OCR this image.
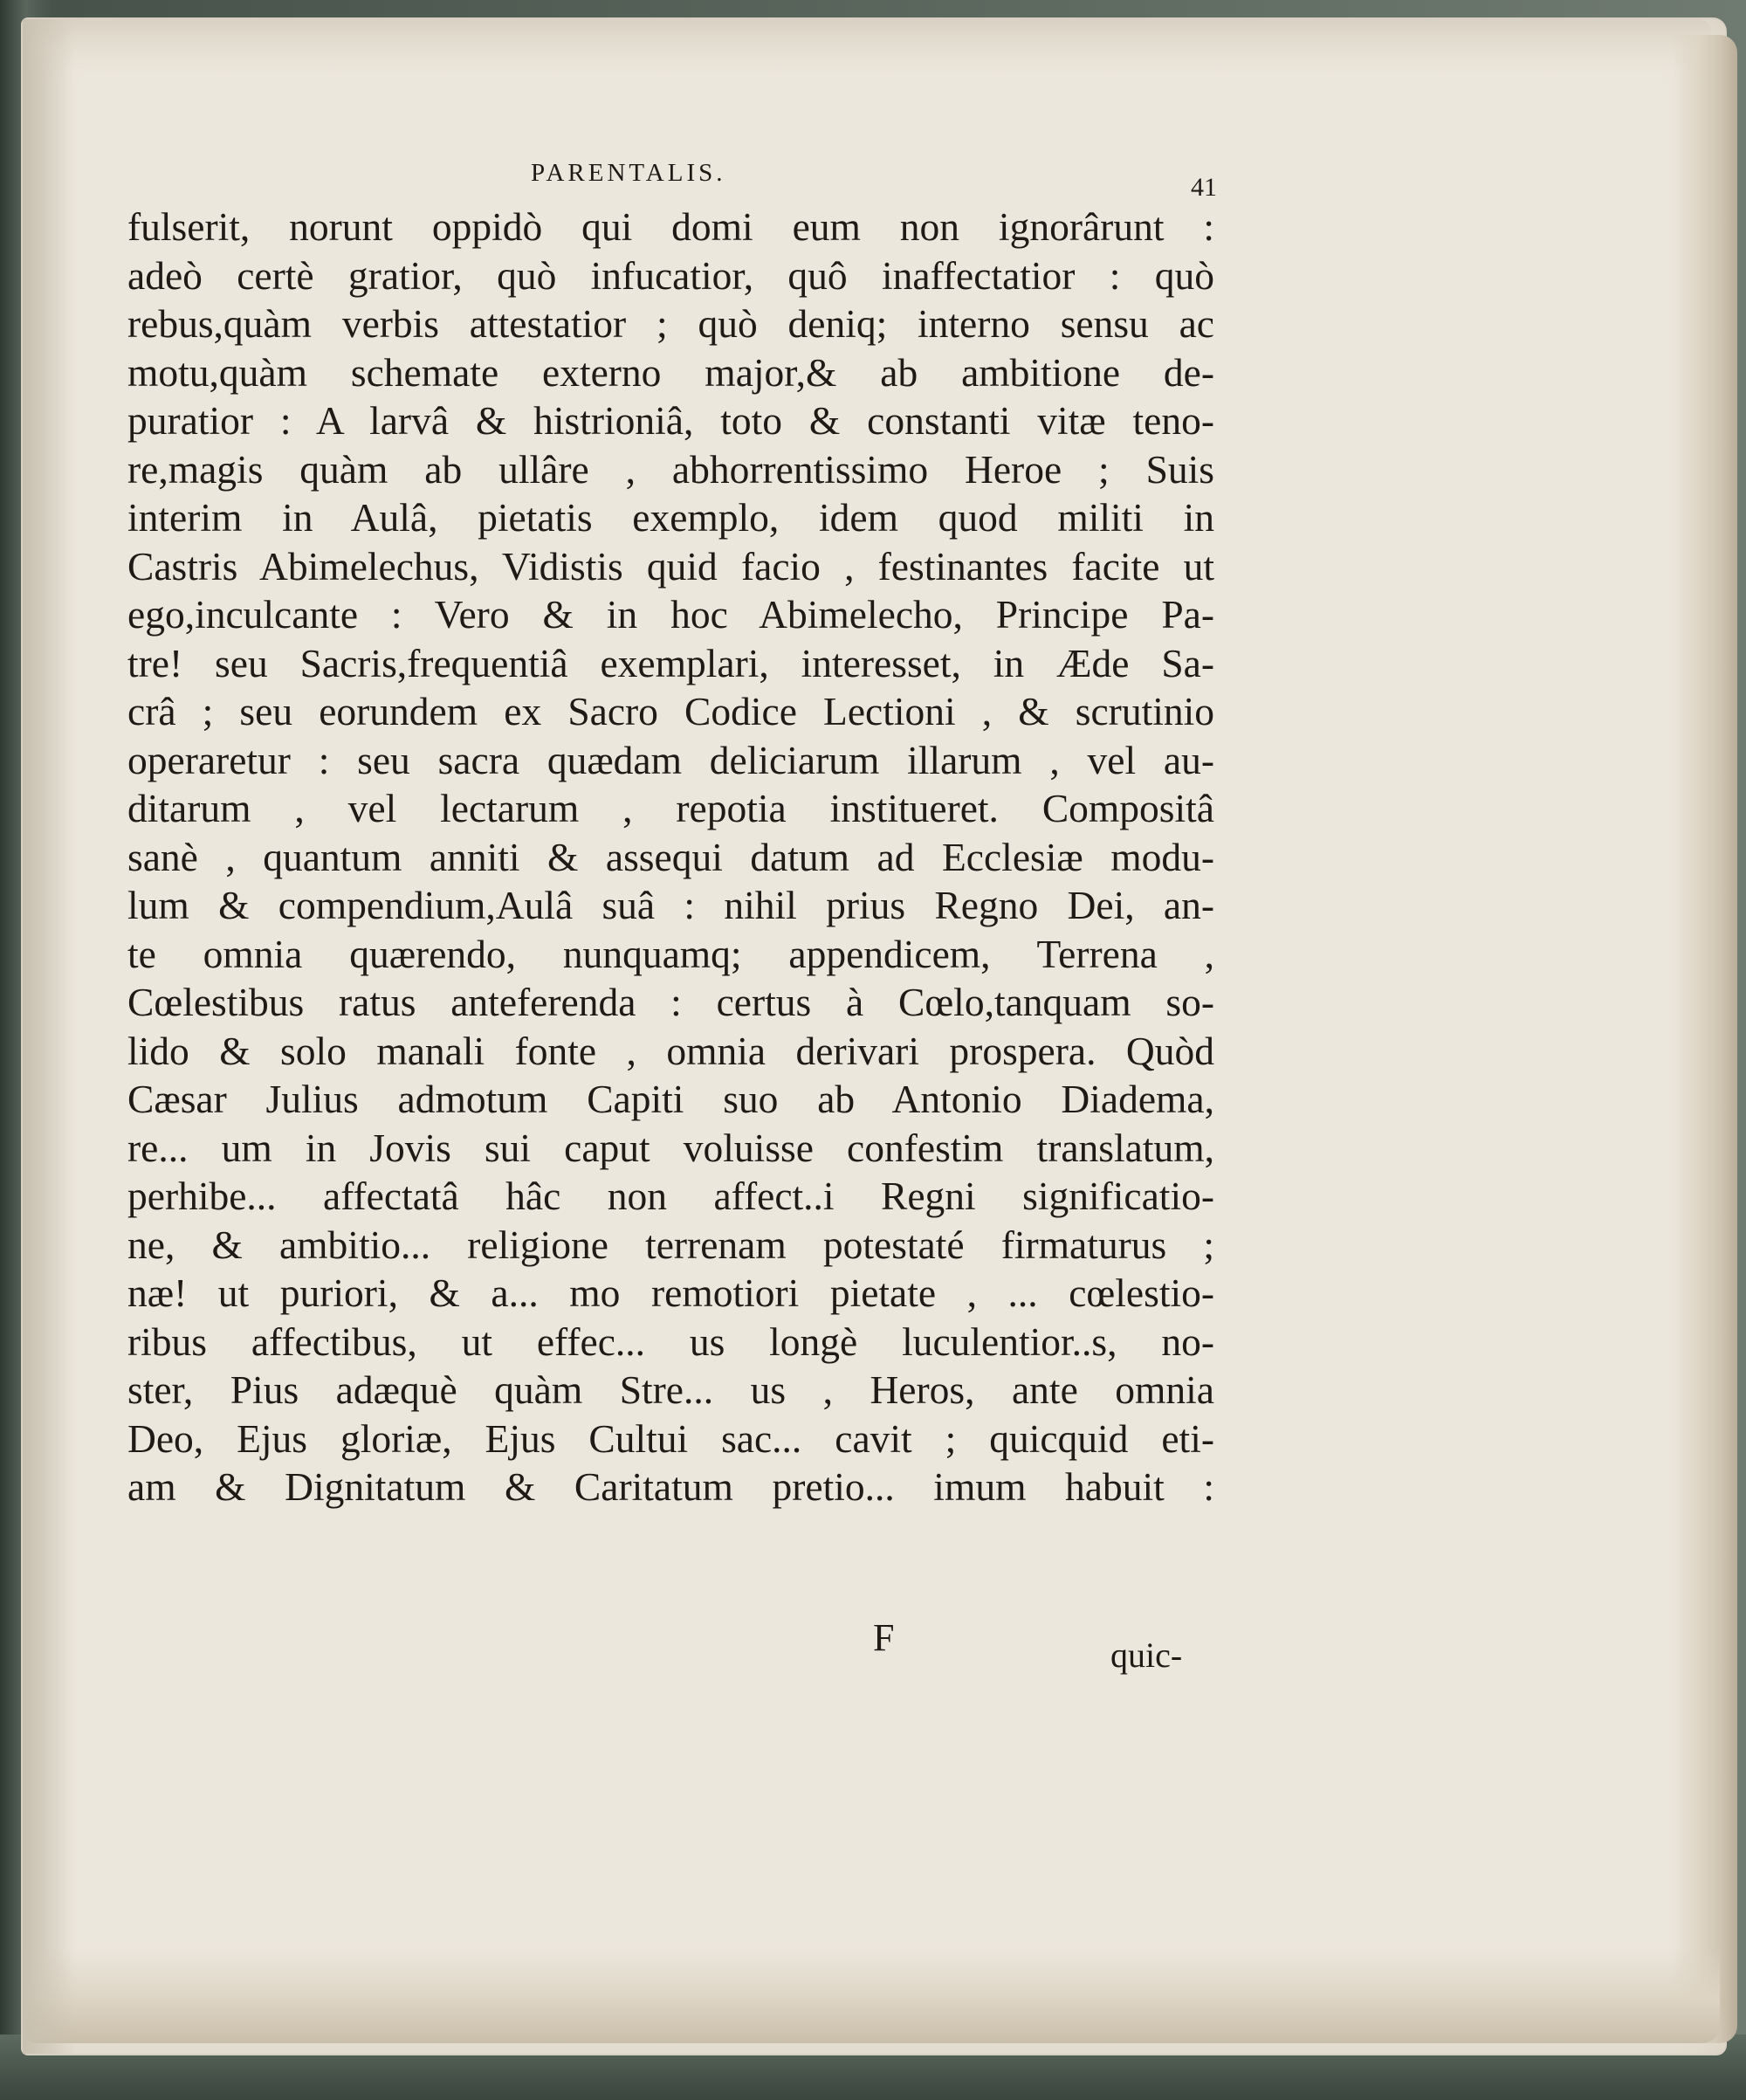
PARENTALIS.	41
fulserit, norunt oppidò qui domi eum non ignorârunt :
adeò certè gratior, quò infucatior, quô inaffectatior : quò
rebus,quàm verbis attestatior ; quò deniq; interno sensu ac
motu,quàm schemate externo major,& ab ambitione de-
puratior : A larvâ & histrioniâ, toto & constanti vitæ teno-
re,magis quàm ab ullâre , abhorrentissimo Heroe ; Suis
interim in Aulâ, pietatis exemplo, idem quod militi in
Castris Abimelechus, Vidistis quid facio , festinantes facite ut
ego,inculcante : Vero & in hoc Abimelecho, Principe Pa-
tre! seu Sacris,frequentiâ exemplari, interesset, in Æde Sa-
crâ ; seu eorundem ex Sacro Codice Lectioni , & scrutinio
operaretur : seu sacra quædam deliciarum illarum , vel au-
ditarum , vel lectarum , repotia institueret. Compositâ
sanè , quantum anniti & assequi datum ad Ecclesiæ modu-
lum & compendium,Aulâ suâ : nihil prius Regno Dei, an-
te omnia quærendo, nunquamq; appendicem, Terrena ,
Cœlestibus ratus anteferenda : certus à Cœlo,tanquam so-
lido & solo manali fonte , omnia derivari prospera. Quòd
Cæsar Julius admotum Capiti suo ab Antonio Diadema,
re... um in Jovis sui caput voluisse confestim translatum,
perhibe... affectatâ hâc non affect..i Regni significatio-
ne, & ambitio... religione terrenam potestaté firmaturus ;
næ! ut puriori, & a... mo remotiori pietate , ... cœlestio-
ribus affectibus, ut effec... us longè luculentior..s, no-
ster, Pius adæquè quàm Stre... us , Heros, ante omnia
Deo, Ejus gloriæ, Ejus Cultui sac... cavit ; quicquid eti-
am & Dignitatum & Caritatum pretio... imum habuit :
F	quic-
